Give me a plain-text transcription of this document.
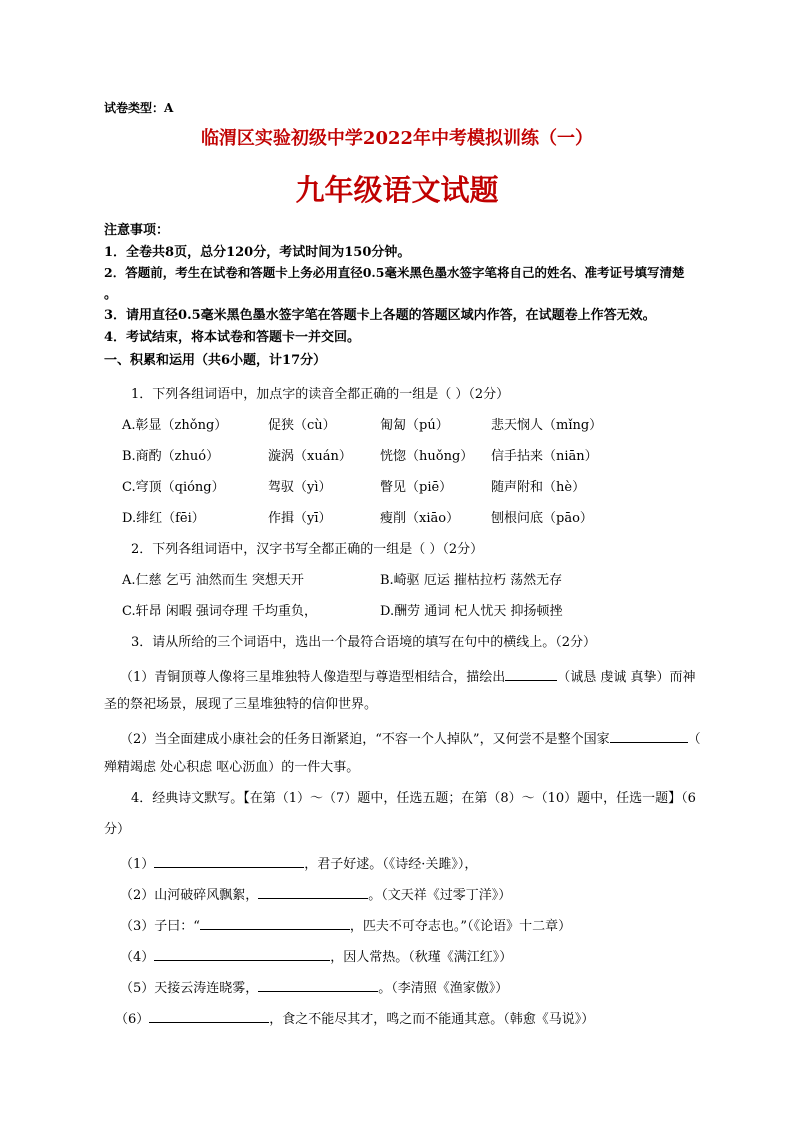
试卷类型：A
临渭区实验初级中学2022年中考模拟训练（一）
九年级语文试题
注意事项：
1．全卷共8页，总分120分，考试时间为150分钟。
2．答题前，考生在试卷和答题卡上务必用直径0.5毫米黑色墨水签字笔将自己的姓名、准考证号填写清楚
。
3．请用直径0.5毫米黑色墨水签字笔在答题卡上各题的答题区域内作答，在试题卷上作答无效。
4．考试结束，将本试卷和答题卡一并交回。
一、积累和运用（共6小题，计17分）
1．下列各组词语中，加点字的读音全都正确的一组是（ ）（2分）
A.彰显（zhǒng）	促狭（cù）	匍匐（pú）	悲天悯人（mǐng）
B.商酌（zhuó）	漩涡（xuán） 恍惚（huǒng） 信手拈来（niān）
C.穹顶（qióng）	驾驭（yì）	瞥见（piē）	随声附和（hè）
D.绯红（fēi）	作揖（yī）	瘦削（xiāo） 刨根问底（pāo）
2．下列各组词语中，汉字书写全都正确的一组是（ ）（2分）
A.仁慈 乞丐 油然而生 突想天开	B.崎驱 厄运 摧枯拉朽 荡然无存
C.轩昂 闲暇 强词夺理 千均重负，	D.酬劳 通词 杞人忧天 抑扬顿挫
3．请从所给的三个词语中，选出一个最符合语境的填写在句中的横线上。（2分）
（1）青铜顶尊人像将三星堆独特人像造型与尊造型相结合，描绘出	（诚恳 虔诚 真挚）而神
圣的祭祀场景，展现了三星堆独特的信仰世界。
（2）当全面建成小康社会的任务日渐紧迫，“不容一个人掉队”，又何尝不是整个国家	（
殚精竭虑 处心积虑 呕心沥血）的一件大事。
4．经典诗文默写。【在第（1）～（7）题中，任选五题；在第（8）～（10）题中，任选一题】（6
分）
（1）	，君子好逑。（《诗经·关雎》），
（2）山河破碎风飘絮，	。（文天祥《过零丁洋》）
（3）子曰：“	，匹夫不可夺志也。”（《论语》十二章）
（4）	，因人常热。（秋瑾《满江红》）
（5）天接云涛连晓雾，	。（李清照《渔家傲》）
（6）	，食之不能尽其才，鸣之而不能通其意。（韩愈《马说》）
